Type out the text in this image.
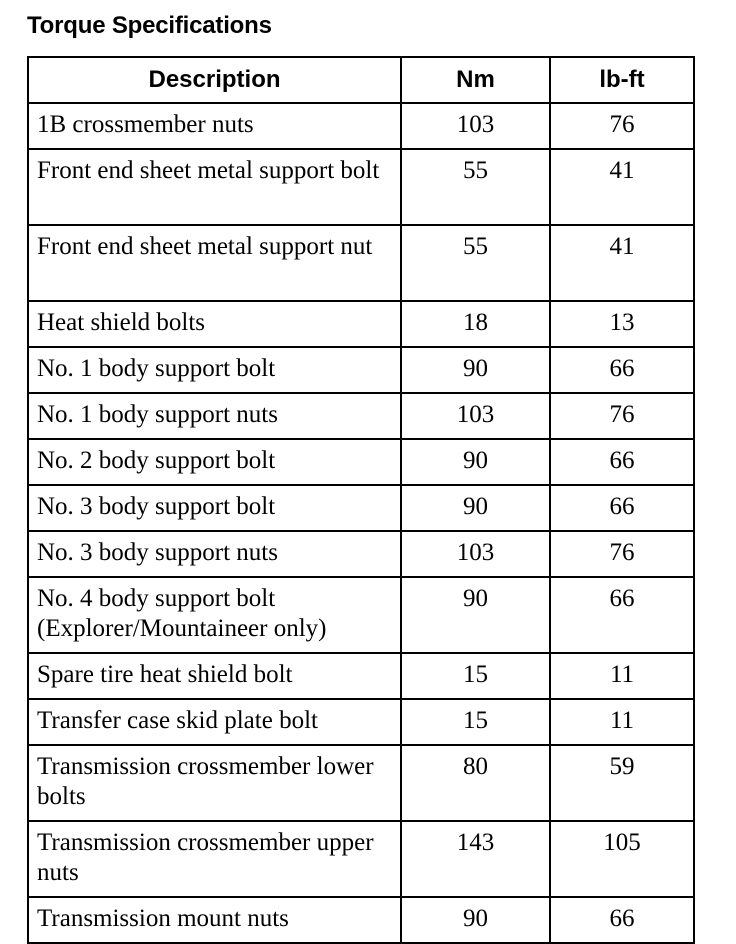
Torque Specifications
Description	Nm	lb-ft
1B crossmember nuts	103	76
Front end sheet metal support bolt	55	41
Front end sheet metal support nut	55	41
Heat shield bolts	18	13
No. 1 body support bolt	90	66
No. 1 body support nuts	103	76
No. 2 body support bolt	90	66
No. 3 body support bolt	90	66
No. 3 body support nuts	103	76
No. 4 body support bolt (Explorer/Mountaineer only)	90	66
Spare tire heat shield bolt	15	11
Transfer case skid plate bolt	15	11
Transmission crossmember lower bolts	80	59
Transmission crossmember upper nuts	143	105
Transmission mount nuts	90	66
